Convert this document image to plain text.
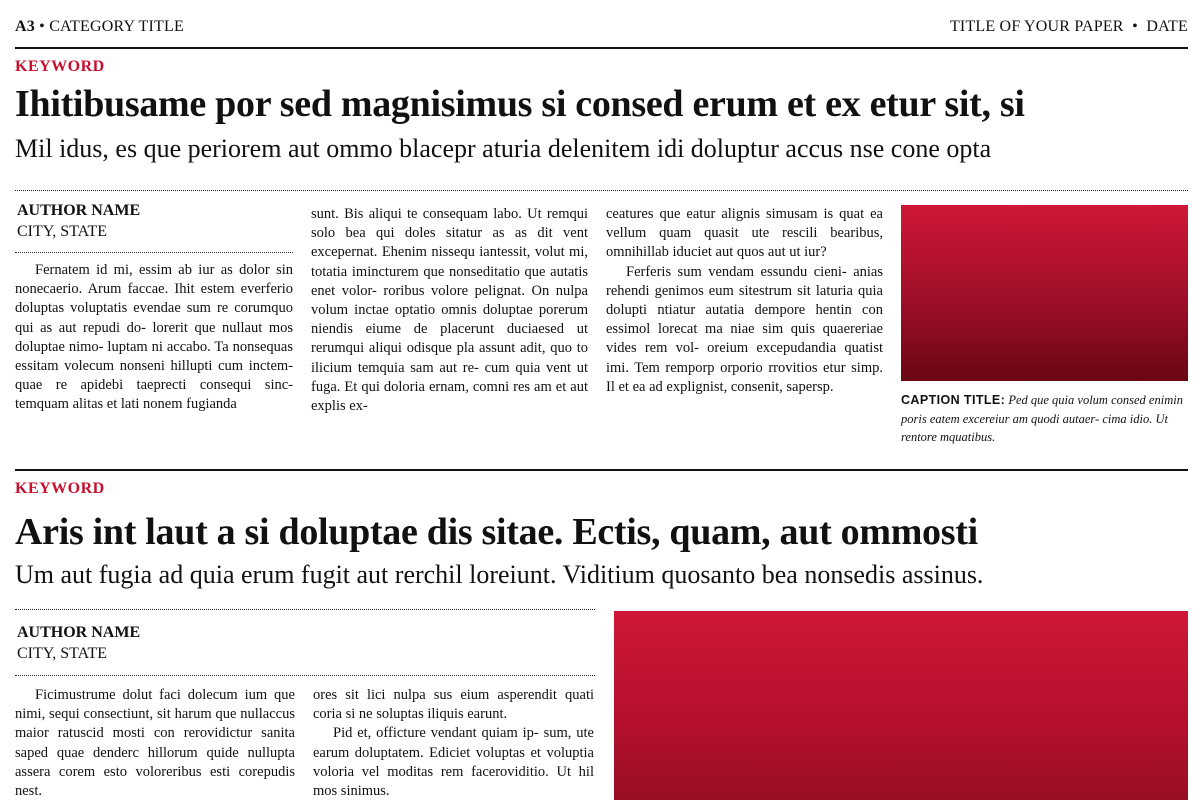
A3 • CATEGORY TITLE	TITLE OF YOUR PAPER • DATE
KEYWORD
Ihitibusame por sed magnisimus si consed erum et ex etur sit, si
Mil idus, es que periorem aut ommo blacepr aturia delenitem idi doluptur accus nse cone opta
AUTHOR NAME
CITY, STATE

Fernatem id mi, essim ab iur as dolor sin nonecaerio. Arum faccae. Ihit estem everferio doluptas voluptatis evendae sum re corumquo qui as aut repudi do- lorerit que nullaut mos doluptae nimo- luptam ni accabo. Ta nonsequas essitam volecum nonseni hillupti cum inctem- quae re apidebi taeprecti consequi sinc- temquam alitas et lati nonem fugianda

sunt. Bis aliqui te consequam labo. Ut remqui solo bea qui doles sitatur as as dit vent excepernat. Ehenim nissequ iantessit, volut mi, totatia imincturem que nonseditatio que autatis enet volor- roribus volore pelignat. On nulpa volum inctae optatio omnis doluptae porerum niendis eiume de placerunt duciaesed ut rerumqui aliqui odisque pla assunt adit, quo to ilicium temquia sam aut re- cum quia vent ut fuga. Et qui doloria ernam, comni res am et aut explis ex-

ceatures que eatur alignis simusam is quat ea vellum quam quasit ute rescili bearibus, omnihillab iduciet aut quos aut ut iur?

Ferferis sum vendam essundu cieni- anias rehendi genimos eum sitestrum sit laturia quia dolupti ntiatur autatia dempore hentin con essimol lorecat ma niae sim quis quaereriae vides rem vol- oreium excepudandia quatist imi. Tem remporp orporio rrovitios etur simp. Il et ea ad explignist, consenit, sapersp.

CAPTION TITLE: Ped que quia volum consed enimin poris eatem excereiur am quodi autaer- cima idio. Ut rentore mquatibus.
KEYWORD
Aris int laut a si doluptae dis sitae. Ectis, quam, aut ommosti
Um aut fugia ad quia erum fugit aut rerchil loreiunt. Viditium quosanto bea nonsedis assinus.
AUTHOR NAME
CITY, STATE

Ficimustrume dolut faci dolecum ium que nimi, sequi consectiunt, sit harum que nullaccus maior ratuscid mosti con rerovidictur sanita saped quae denderc hillorum quide nullupta assera corem esto voloreribus esti corepudis nest.

ores sit lici nulpa sus eium asperendit quati coria si ne soluptas iliquis earunt.

Pid et, officture vendant quiam ip- sum, ute earum doluptatem. Ediciet voluptas et voluptia voloria vel moditas rem faceroviditio. Ut hil mos sinimus.
